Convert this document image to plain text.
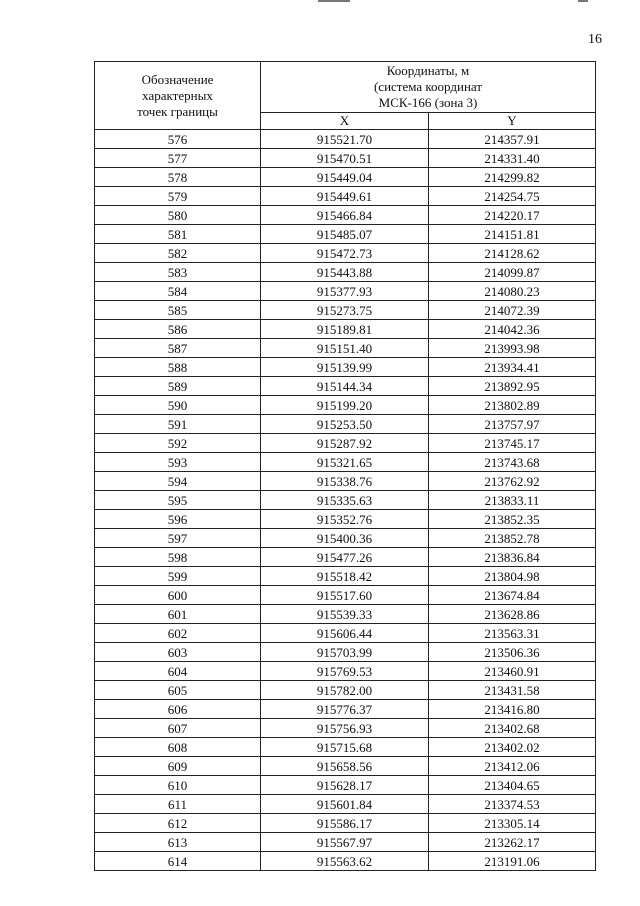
16
Обозначение
характерных
точек границы	Координаты, м
(система координат
МСК-166 (зона 3)	

	X	Y
576	915521.70	214357.91
577	915470.51	214331.40
578	915449.04	214299.82
579	915449.61	214254.75
580	915466.84	214220.17
581	915485.07	214151.81
582	915472.73	214128.62
583	915443.88	214099.87
584	915377.93	214080.23
585	915273.75	214072.39
586	915189.81	214042.36
587	915151.40	213993.98
588	915139.99	213934.41
589	915144.34	213892.95
590	915199.20	213802.89
591	915253.50	213757.97
592	915287.92	213745.17
593	915321.65	213743.68
594	915338.76	213762.92
595	915335.63	213833.11
596	915352.76	213852.35
597	915400.36	213852.78
598	915477.26	213836.84
599	915518.42	213804.98
600	915517.60	213674.84
601	915539.33	213628.86
602	915606.44	213563.31
603	915703.99	213506.36
604	915769.53	213460.91
605	915782.00	213431.58
606	915776.37	213416.80
607	915756.93	213402.68
608	915715.68	213402.02
609	915658.56	213412.06
610	915628.17	213404.65
611	915601.84	213374.53
612	915586.17	213305.14
613	915567.97	213262.17
614	915563.62	213191.06
